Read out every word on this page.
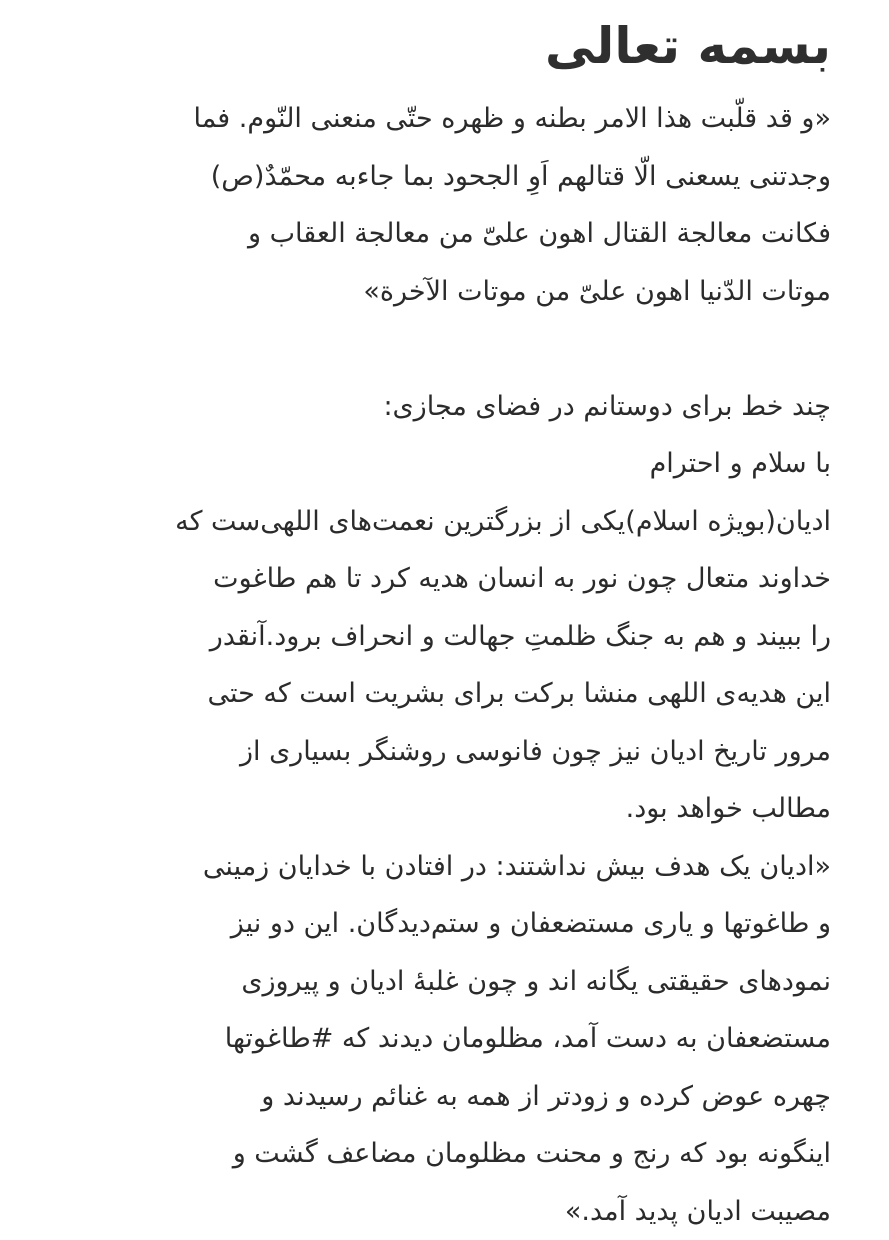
بسمه تعالی
«و قد قلّبت هذا الامر بطنه و ظهره حتّی منعنی النّوم. فما
وجدتنی یسعنی الّا قتالهم اَوِ الجحود بما جاءبه محمّدٌ(ص)
فکانت معالجة القتال اهون علیّ من معالجة العقاب و
موتات الدّنیا اهون علیّ من موتات الآخرة»
چند خط برای دوستانم در فضای مجازی:
با سلام و احترام
ادیان(بویژه اسلام)یکی از بزرگترین نعمت‌های اللهی‌ست که
خداوند متعال چون نور به انسان هدیه کرد تا هم طاغوت
را ببیند و هم به جنگ ظلمتِ جهالت و انحراف برود.آنقدر
این هدیه‌ی اللهی منشا برکت برای بشریت است که حتی
مرور تاریخ ادیان نیز چون فانوسی روشنگر بسیاری از
مطالب خواهد بود.
«ادیان یک هدف بیش نداشتند: در افتادن با خدایان زمینی
و طاغوتها و یاری مستضعفان و ستم‌دیدگان. این دو نیز
نمودهای حقیقتی یگانه اند و چون غلبۀ ادیان و پیروزی
مستضعفان به دست آمد، مظلومان دیدند که #طاغوتها
چهره عوض کرده و زودتر از همه به غنائم رسیدند و
اینگونه بود که رنج و محنت مظلومان مضاعف گشت و
مصیبت ادیان پدید آمد.»
